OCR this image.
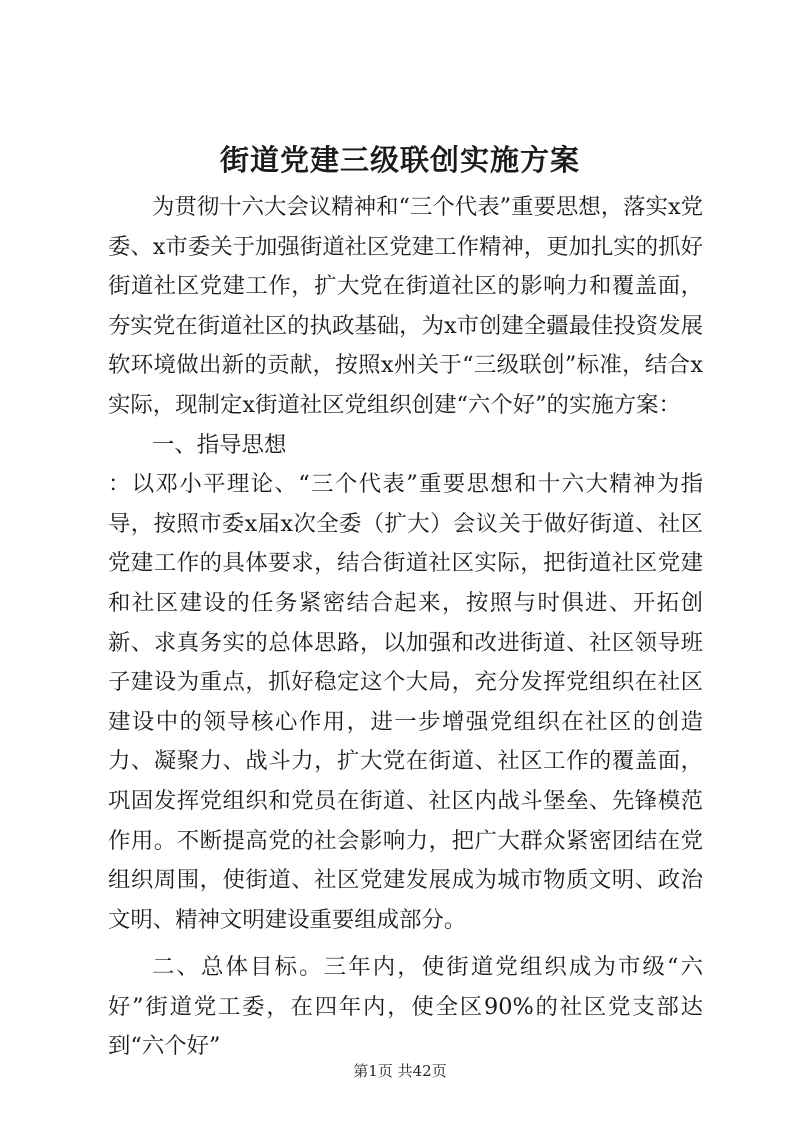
街道党建三级联创实施方案

为贯彻十六大会议精神和“三个代表”重要思想，落实x党委、x市委关于加强街道社区党建工作精神，更加扎实的抓好街道社区党建工作，扩大党在街道社区的影响力和覆盖面，夯实党在街道社区的执政基础，为x市创建全疆最佳投资发展软环境做出新的贡献，按照x州关于“三级联创”标准，结合x实际，现制定x街道社区党组织创建“六个好”的实施方案：

一、指导思想

：以邓小平理论、“三个代表”重要思想和十六大精神为指导，按照市委x届x次全委（扩大）会议关于做好街道、社区党建工作的具体要求，结合街道社区实际，把街道社区党建和社区建设的任务紧密结合起来，按照与时俱进、开拓创新、求真务实的总体思路，以加强和改进街道、社区领导班子建设为重点，抓好稳定这个大局，充分发挥党组织在社区建设中的领导核心作用，进一步增强党组织在社区的创造力、凝聚力、战斗力，扩大党在街道、社区工作的覆盖面，巩固发挥党组织和党员在街道、社区内战斗堡垒、先锋模范作用。不断提高党的社会影响力，把广大群众紧密团结在党组织周围，使街道、社区党建发展成为城市物质文明、政治文明、精神文明建设重要组成部分。

二、总体目标。三年内，使街道党组织成为市级“六好”街道党工委，在四年内，使全区90%的社区党支部达到“六个好”

第1页 共42页
